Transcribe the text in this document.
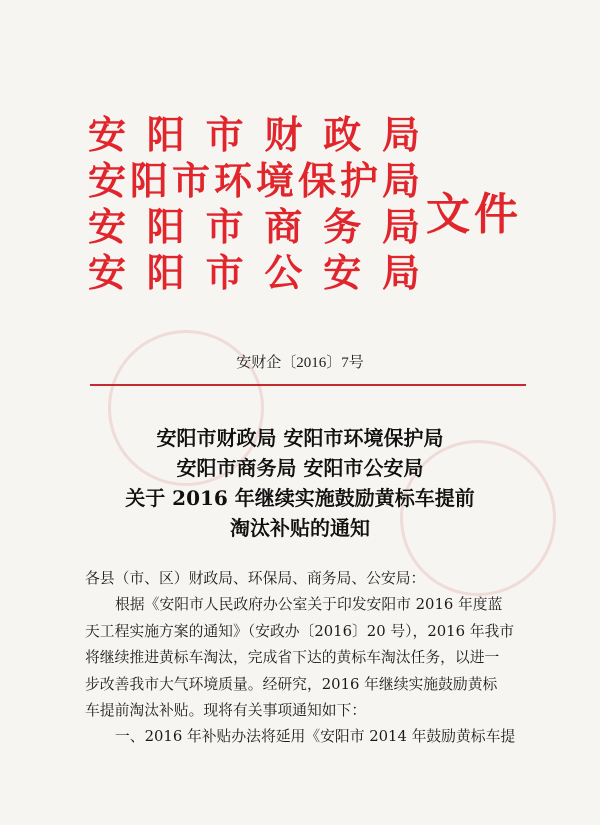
安阳市财政局
安阳市环境保护局
安阳市商务局
安阳市公安局
文件
安财企〔2016〕7号
安阳市财政局 安阳市环境保护局
安阳市商务局 安阳市公安局
关于 2016 年继续实施鼓励黄标车提前
淘汰补贴的通知
各县（市、区）财政局、环保局、商务局、公安局：
根据《安阳市人民政府办公室关于印发安阳市 2016 年度蓝
天工程实施方案的通知》（安政办〔2016〕20 号），2016 年我市
将继续推进黄标车淘汰，完成省下达的黄标车淘汰任务，以进一
步改善我市大气环境质量。经研究，2016 年继续实施鼓励黄标
车提前淘汰补贴。现将有关事项通知如下：
一、2016 年补贴办法将延用《安阳市 2014 年鼓励黄标车提
